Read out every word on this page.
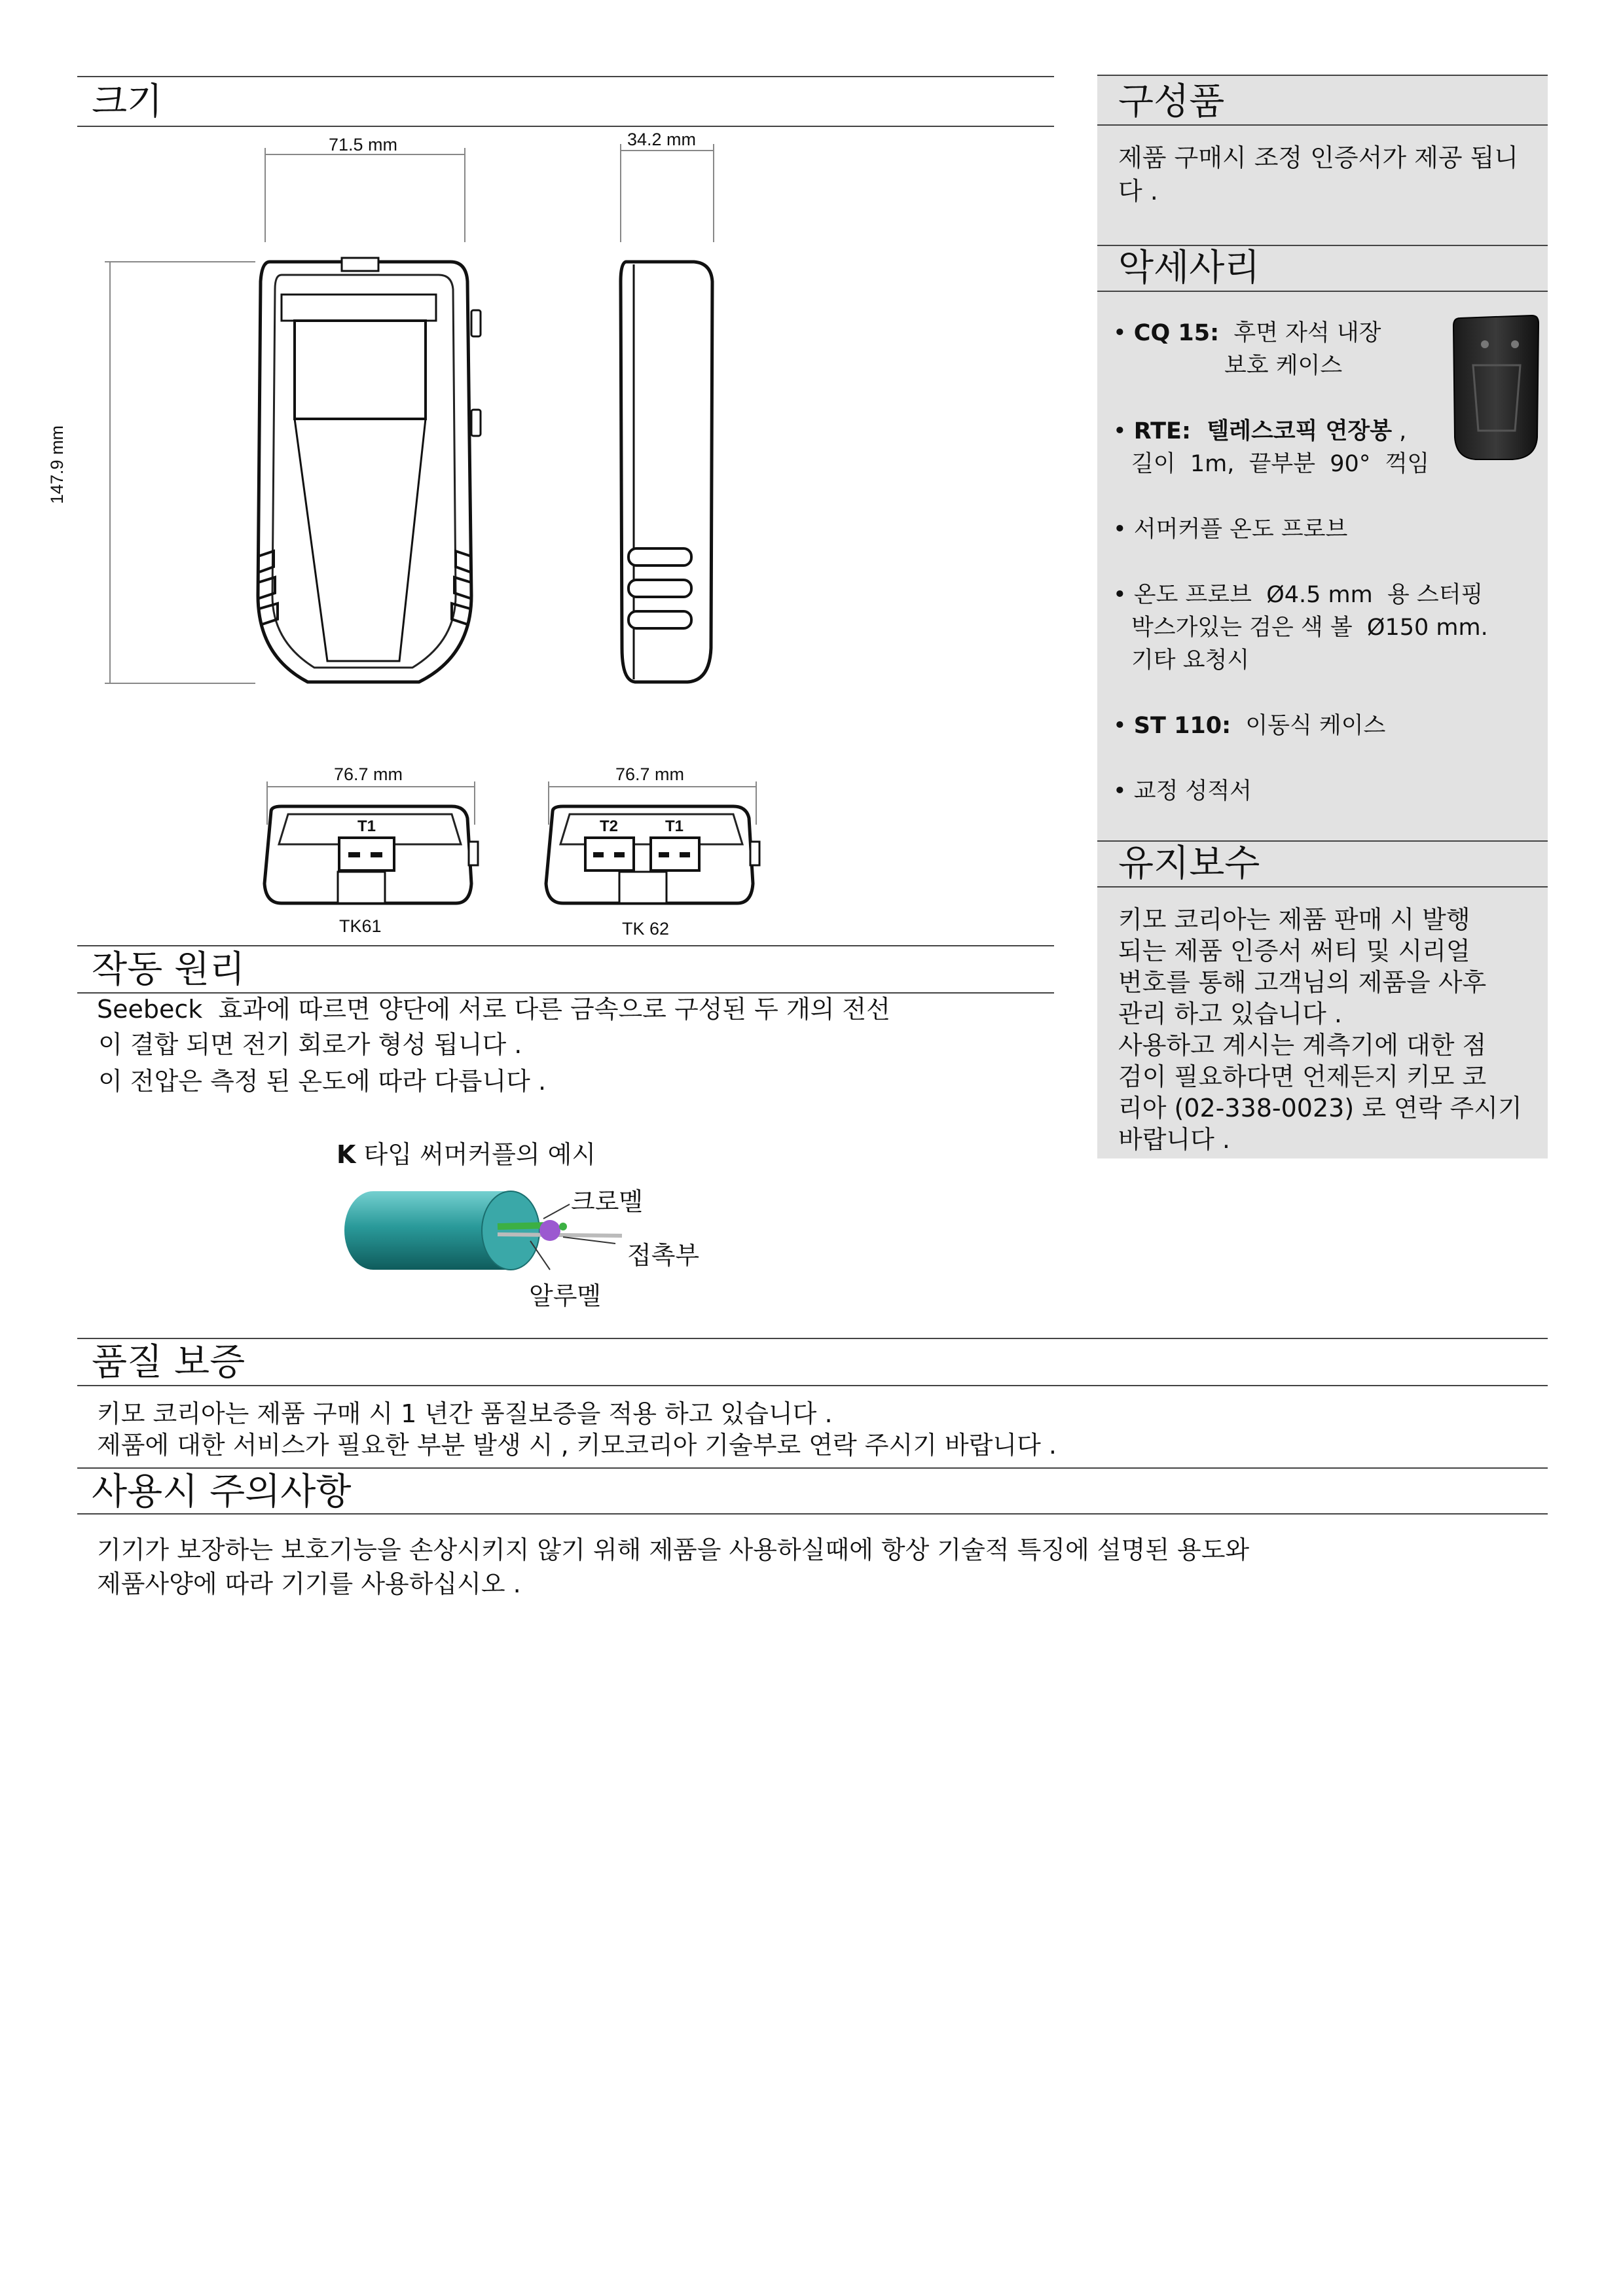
크기
71.5 mm	34.2 mm
147.9 mm
76.7 mm	76.7 mm
TK61	TK 62
T1	T2	T1
작동 원리
Seebeck  효과에 따르면 양단에 서로 다른 금속으로 구성된 두 개의 전선
이 결합 되면 전기 회로가 형성 됩니다 .
이 전압은 측정 된 온도에 따라 다릅니다 .
K 타입 써머커플의 예시
크로멜
접촉부
알루멜
품질 보증
키모 코리아는 제품 구매 시 1 년간 품질보증을 적용 하고 있습니다 .
제품에 대한 서비스가 필요한 부분 발생 시 , 키모코리아 기술부로 연락 주시기 바랍니다 .
사용시 주의사항
기기가 보장하는 보호기능을 손상시키지 않기 위해 제품을 사용하실때에 항상 기술적 특징에 설명된 용도와
제품사양에 따라 기기를 사용하십시오 .
구성품
제품 구매시 조정 인증서가 제공 됩니다 .
악세사리
• CQ 15:  후면 자석 내장
보호 케이스
• RTE:  텔레스코픽 연장봉 ,
길이  1m,  끝부분  90°  꺽임
• 서머커플 온도 프로브
• 온도 프로브  Ø4.5 mm  용 스터핑
박스가있는 검은 색 볼  Ø150 mm.
기타 요청시
• ST 110:  이동식 케이스
• 교정 성적서
유지보수
키모 코리아는 제품 판매 시 발행
되는 제품 인증서 써티 및 시리얼
번호를 통해 고객님의 제품을 사후
관리 하고 있습니다 .
사용하고 계시는 계측기에 대한 점
검이 필요하다면 언제든지 키모 코
리아 (02-338-0023) 로 연락 주시기
바랍니다 .
